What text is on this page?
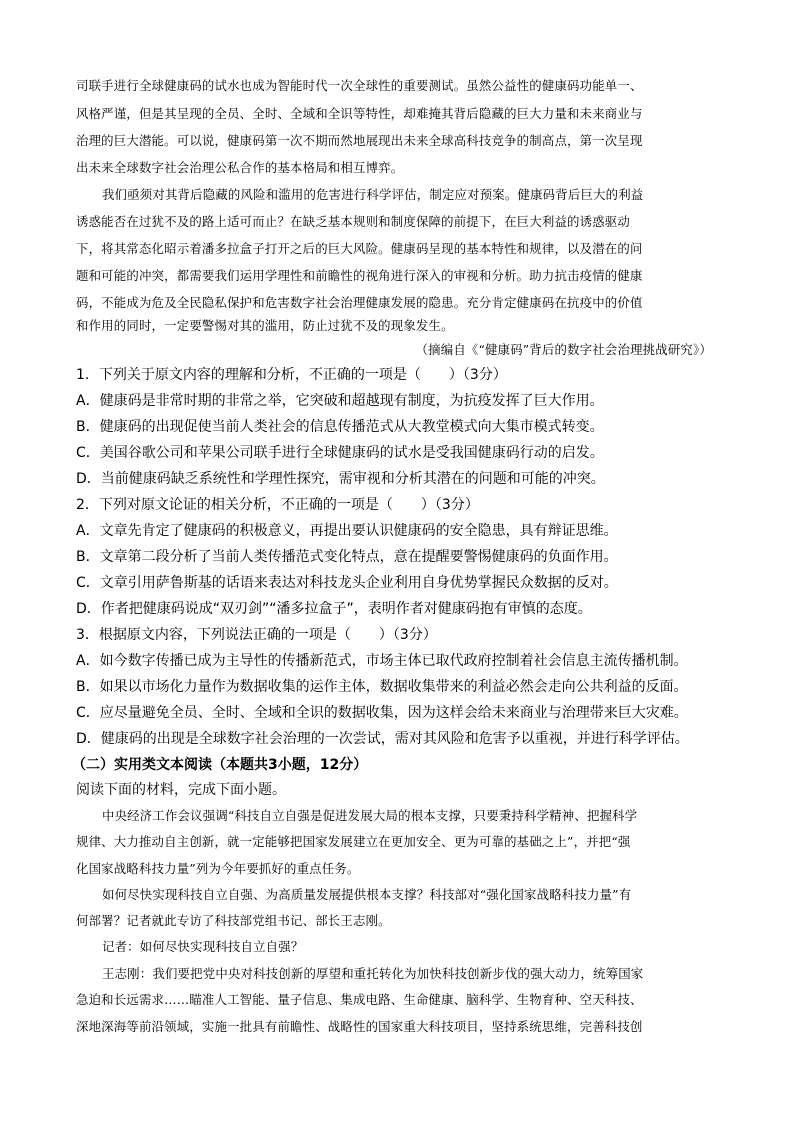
司联手进行全球健康码的试水也成为智能时代一次全球性的重要测试。虽然公益性的健康码功能单一、
风格严谨，但是其呈现的全员、全时、全域和全识等特性，却难掩其背后隐藏的巨大力量和未来商业与
治理的巨大潜能。可以说，健康码第一次不期而然地展现出未来全球高科技竞争的制高点，第一次呈现
出未来全球数字社会治理公私合作的基本格局和相互博弈。
我们亟须对其背后隐藏的风险和滥用的危害进行科学评估，制定应对预案。健康码背后巨大的利益
诱惑能否在过犹不及的路上适可而止？在缺乏基本规则和制度保障的前提下，在巨大利益的诱惑驱动
下，将其常态化昭示着潘多拉盒子打开之后的巨大风险。健康码呈现的基本特性和规律，以及潜在的问
题和可能的冲突，都需要我们运用学理性和前瞻性的视角进行深入的审视和分析。助力抗击疫情的健康
码，不能成为危及全民隐私保护和危害数字社会治理健康发展的隐患。充分肯定健康码在抗疫中的价值
和作用的同时，一定要警惕对其的滥用，防止过犹不及的现象发生。
（摘编自《“健康码”背后的数字社会治理挑战研究》）
1．下列关于原文内容的理解和分析，不正确的一项是（　　）（3分）
A．健康码是非常时期的非常之举，它突破和超越现有制度，为抗疫发挥了巨大作用。
B．健康码的出现促使当前人类社会的信息传播范式从大教堂模式向大集市模式转变。
C．美国谷歌公司和苹果公司联手进行全球健康码的试水是受我国健康码行动的启发。
D．当前健康码缺乏系统性和学理性探究，需审视和分析其潜在的问题和可能的冲突。
2．下列对原文论证的相关分析，不正确的一项是（　　）（3分）
A．文章先肯定了健康码的积极意义，再提出要认识健康码的安全隐患，具有辩证思维。
B．文章第二段分析了当前人类传播范式变化特点，意在提醒要警惕健康码的负面作用。
C．文章引用萨鲁斯基的话语来表达对科技龙头企业利用自身优势掌握民众数据的反对。
D．作者把健康码说成“双刃剑”“潘多拉盒子”，表明作者对健康码抱有审慎的态度。
3．根据原文内容，下列说法正确的一项是（　　）（3分）
A．如今数字传播已成为主导性的传播新范式，市场主体已取代政府控制着社会信息主流传播机制。
B．如果以市场化力量作为数据收集的运作主体，数据收集带来的利益必然会走向公共利益的反面。
C．应尽量避免全员、全时、全域和全识的数据收集，因为这样会给未来商业与治理带来巨大灾难。
D．健康码的出现是全球数字社会治理的一次尝试，需对其风险和危害予以重视，并进行科学评估。
（二）实用类文本阅读（本题共3小题，12分）
阅读下面的材料，完成下面小题。
中央经济工作会议强调“科技自立自强是促进发展大局的根本支撑，只要秉持科学精神、把握科学
规律、大力推动自主创新，就一定能够把国家发展建立在更加安全、更为可靠的基础之上”，并把“强
化国家战略科技力量”列为今年要抓好的重点任务。
如何尽快实现科技自立自强、为高质量发展提供根本支撑？科技部对“强化国家战略科技力量”有
何部署？记者就此专访了科技部党组书记、部长王志刚。
记者：如何尽快实现科技自立自强？
王志刚：我们要把党中央对科技创新的厚望和重托转化为加快科技创新步伐的强大动力，统筹国家
急迫和长远需求……瞄准人工智能、量子信息、集成电路、生命健康、脑科学、生物育种、空天科技、
深地深海等前沿领域，实施一批具有前瞻性、战略性的国家重大科技项目，坚持系统思维，完善科技创
